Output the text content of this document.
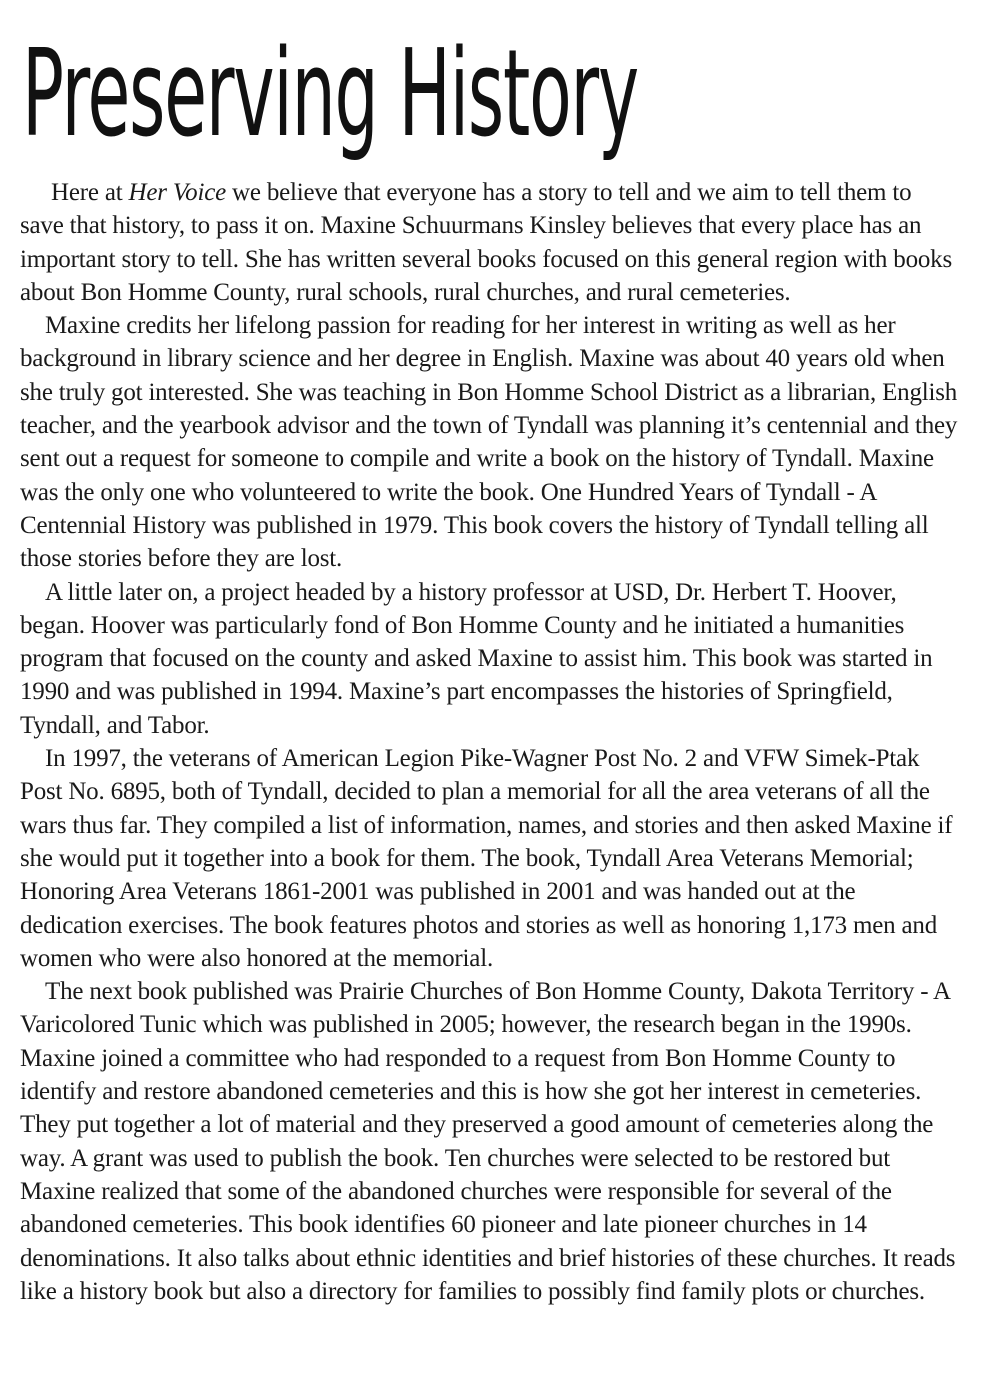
Preserving History

Here at Her Voice we believe that everyone has a story to tell and we aim to tell them to save that history, to pass it on. Maxine Schuurmans Kinsley believes that every place has an important story to tell. She has written several books focused on this general region with books about Bon Homme County, rural schools, rural churches, and rural cemeteries.

Maxine credits her lifelong passion for reading for her interest in writing as well as her background in library science and her degree in English. Maxine was about 40 years old when she truly got interested. She was teaching in Bon Homme School District as a librarian, English teacher, and the yearbook advisor and the town of Tyndall was planning it’s centennial and they sent out a request for someone to compile and write a book on the history of Tyndall. Maxine was the only one who volunteered to write the book. One Hundred Years of Tyndall - A Centennial History was published in 1979. This book covers the history of Tyndall telling all those stories before they are lost.

A little later on, a project headed by a history professor at USD, Dr. Herbert T. Hoover, began. Hoover was particularly fond of Bon Homme County and he initiated a humanities program that focused on the county and asked Maxine to assist him. This book was started in 1990 and was published in 1994. Maxine’s part encompasses the histories of Springfield, Tyndall, and Tabor.

In 1997, the veterans of American Legion Pike-Wagner Post No. 2 and VFW Simek-Ptak Post No. 6895, both of Tyndall, decided to plan a memorial for all the area veterans of all the wars thus far. They compiled a list of information, names, and stories and then asked Maxine if she would put it together into a book for them. The book, Tyndall Area Veterans Memorial; Honoring Area Veterans 1861-2001 was published in 2001 and was handed out at the dedication exercises. The book features photos and stories as well as honoring 1,173 men and women who were also honored at the memorial.

The next book published was Prairie Churches of Bon Homme County, Dakota Territory - A Varicolored Tunic which was published in 2005; however, the research began in the 1990s. Maxine joined a committee who had responded to a request from Bon Homme County to identify and restore abandoned cemeteries and this is how she got her interest in cemeteries. They put together a lot of material and they preserved a good amount of cemeteries along the way. A grant was used to publish the book. Ten churches were selected to be restored but Maxine realized that some of the abandoned churches were responsible for several of the abandoned cemeteries. This book identifies 60 pioneer and late pioneer churches in 14 denominations. It also talks about ethnic identities and brief histories of these churches. It reads like a history book but also a directory for families to possibly find family plots or churches.
